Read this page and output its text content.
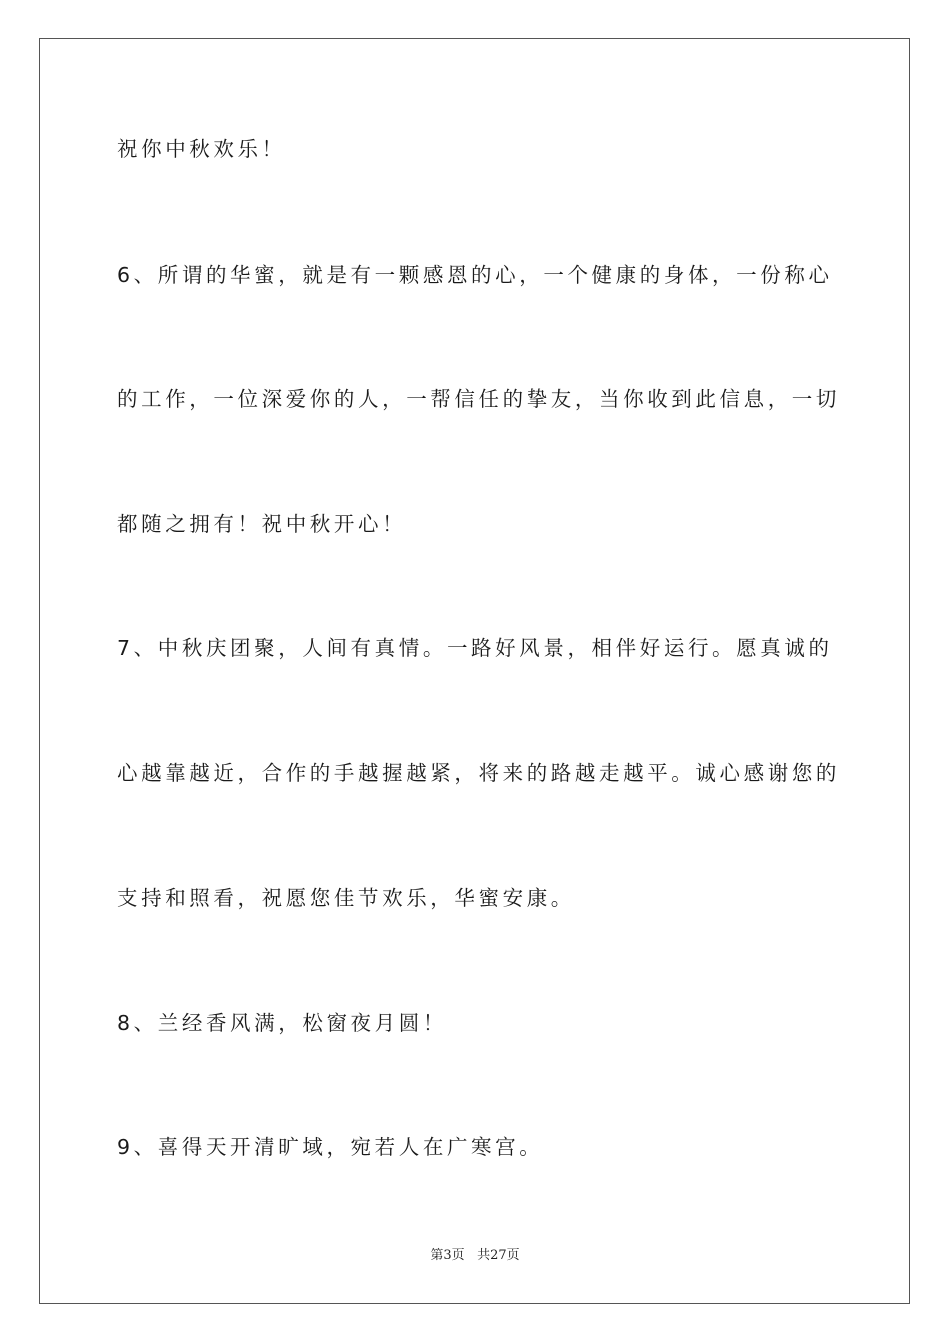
祝你中秋欢乐！

6、所谓的华蜜，就是有一颗感恩的心，一个健康的身体，一份称心

的工作，一位深爱你的人，一帮信任的挚友，当你收到此信息，一切

都随之拥有！祝中秋开心！

7、中秋庆团聚，人间有真情。一路好风景，相伴好运行。愿真诚的

心越靠越近，合作的手越握越紧，将来的路越走越平。诚心感谢您的

支持和照看，祝愿您佳节欢乐，华蜜安康。

8、兰经香风满，松窗夜月圆！

9、喜得天开清旷域，宛若人在广寒宫。

第3页 共27页
